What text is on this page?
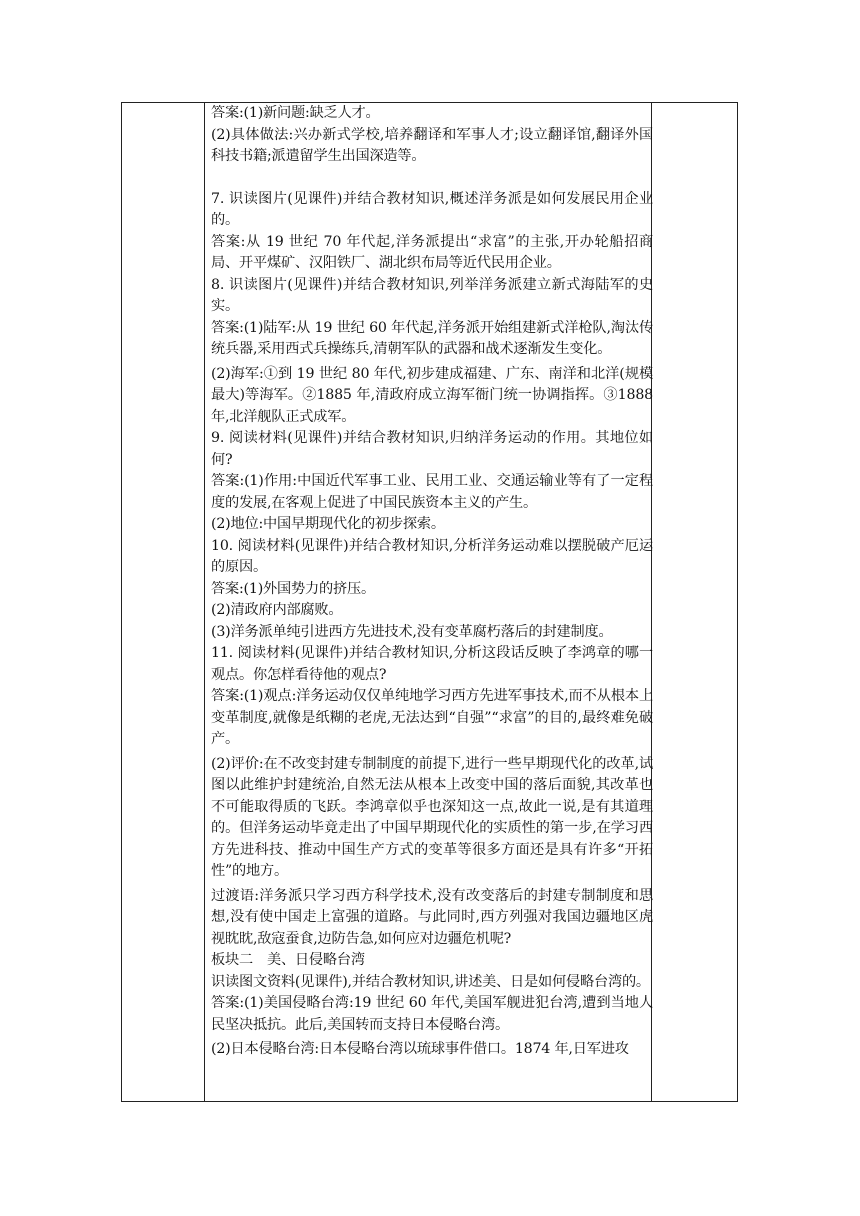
答案:(1)新问题:缺乏人才。

(2)具体做法:兴办新式学校,培养翻译和军事人才;设立翻译馆,翻译外国科技书籍;派遣留学生出国深造等。

7. 识读图片(见课件)并结合教材知识,概述洋务派是如何发展民用企业的。

答案:从 19 世纪 70 年代起,洋务派提出“求富”的主张,开办轮船招商局、开平煤矿、汉阳铁厂、湖北织布局等近代民用企业。

8. 识读图片(见课件)并结合教材知识,列举洋务派建立新式海陆军的史实。

答案:(1)陆军:从 19 世纪 60 年代起,洋务派开始组建新式洋枪队,淘汰传统兵器,采用西式兵操练兵,清朝军队的武器和战术逐渐发生变化。

(2)海军:①到 19 世纪 80 年代,初步建成福建、广东、南洋和北洋(规模最大)等海军。②1885 年,清政府成立海军衙门统一协调指挥。③1888 年,北洋舰队正式成军。

9. 阅读材料(见课件)并结合教材知识,归纳洋务运动的作用。其地位如何?

答案:(1)作用:中国近代军事工业、民用工业、交通运输业等有了一定程度的发展,在客观上促进了中国民族资本主义的产生。

(2)地位:中国早期现代化的初步探索。

10. 阅读材料(见课件)并结合教材知识,分析洋务运动难以摆脱破产厄运的原因。

答案:(1)外国势力的挤压。

(2)清政府内部腐败。

(3)洋务派单纯引进西方先进技术,没有变革腐朽落后的封建制度。

11. 阅读材料(见课件)并结合教材知识,分析这段话反映了李鸿章的哪一观点。你怎样看待他的观点?

答案:(1)观点:洋务运动仅仅单纯地学习西方先进军事技术,而不从根本上变革制度,就像是纸糊的老虎,无法达到“自强”“求富”的目的,最终难免破产。

(2)评价:在不改变封建专制制度的前提下,进行一些早期现代化的改革,试图以此维护封建统治,自然无法从根本上改变中国的落后面貌,其改革也不可能取得质的飞跃。李鸿章似乎也深知这一点,故此一说,是有其道理的。但洋务运动毕竟走出了中国早期现代化的实质性的第一步,在学习西方先进科技、推动中国生产方式的变革等很多方面还是具有许多“开拓性”的地方。

过渡语:洋务派只学习西方科学技术,没有改变落后的封建专制制度和思想,没有使中国走上富强的道路。与此同时,西方列强对我国边疆地区虎视眈眈,敌寇蚕食,边防告急,如何应对边疆危机呢?

板块二　美、日侵略台湾

识读图文资料(见课件),并结合教材知识,讲述美、日是如何侵略台湾的。

答案:(1)美国侵略台湾:19 世纪 60 年代,美国军舰进犯台湾,遭到当地人民坚决抵抗。此后,美国转而支持日本侵略台湾。

(2)日本侵略台湾:日本侵略台湾以琉球事件借口。1874 年,日军进攻
